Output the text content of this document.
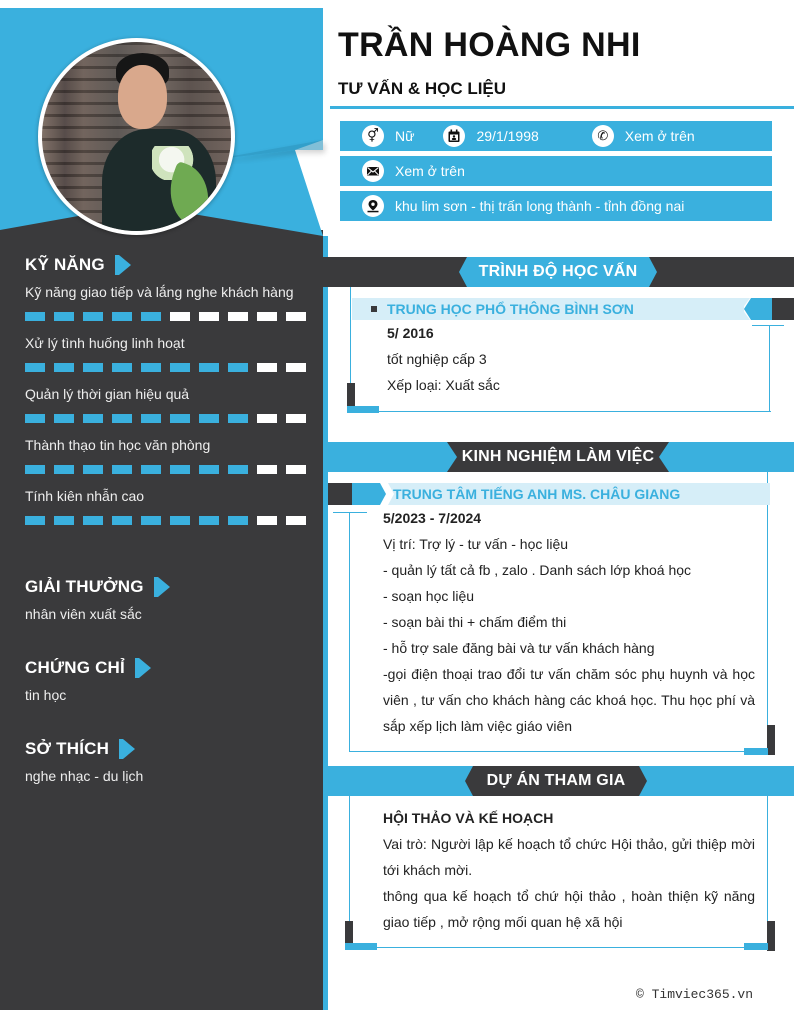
KỸ NĂNG
Kỹ năng giao tiếp và lắng nghe khách hàng
Xử lý tình huống linh hoạt
Quản lý thời gian hiệu quả
Thành thạo tin học văn phòng
Tính kiên nhẫn cao
GIẢI THƯỞNG
nhân viên xuất sắc
CHỨNG CHỈ
tin học
SỞ THÍCH
nghe nhạc - du lịch
TRẦN HOÀNG NHI
TƯ VẤN & HỌC LIỆU
⚥	Nữ	29/1/1998	✆	Xem ở trên
Xem ở trên
khu lim sơn - thị trấn long thành - tỉnh đồng nai
TRÌNH ĐỘ HỌC VẤN
TRUNG HỌC PHỔ THÔNG BÌNH SƠN
5/ 2016
tốt nghiệp cấp 3
Xếp loại: Xuất sắc
KINH NGHIỆM LÀM VIỆC
TRUNG TÂM TIẾNG ANH MS. CHÂU GIANG
5/2023 - 7/2024
Vị trí: Trợ lý - tư vấn - học liệu
- quản lý tất cả fb , zalo . Danh sách lớp khoá học
- soạn học liệu
- soạn bài thi + chấm điểm thi
- hỗ trợ sale đăng bài và tư vấn khách hàng
-gọi điện thoại trao đổi tư vấn chăm sóc phụ huynh và học viên , tư vấn cho khách hàng các khoá học. Thu học phí và sắp xếp lịch làm việc giáo viên
DỰ ÁN THAM GIA
HỘI THẢO VÀ KẾ HOẠCH
Vai trò: Người lập kế hoạch tổ chức Hội thảo, gửi thiệp mời tới khách mời.
thông qua kế hoạch tổ chứ hội thảo , hoàn thiện kỹ năng giao tiếp , mở rộng mối quan hệ xã hội
© Timviec365.vn
